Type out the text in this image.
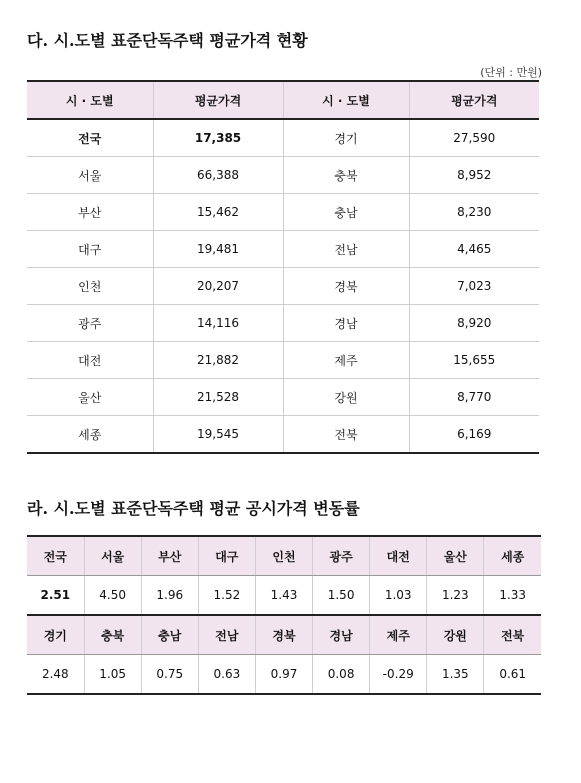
다. 시.도별 표준단독주택 평균가격 현황
(단위 : 만원)
시 · 도별	평균가격	시 · 도별	평균가격
전국	17,385	경기	27,590
서울	66,388	충북	8,952
부산	15,462	충남	8,230
대구	19,481	전남	4,465
인천	20,207	경북	7,023
광주	14,116	경남	8,920
대전	21,882	제주	15,655
울산	21,528	강원	8,770
세종	19,545	전북	6,169
라. 시.도별 표준단독주택 평균 공시가격 변동률
전국	서울	부산	대구	인천	광주	대전	울산	세종
2.51	4.50	1.96	1.52	1.43	1.50	1.03	1.23	1.33
경기	충북	충남	전남	경북	경남	제주	강원	전북
2.48	1.05	0.75	0.63	0.97	0.08	-0.29	1.35	0.61
